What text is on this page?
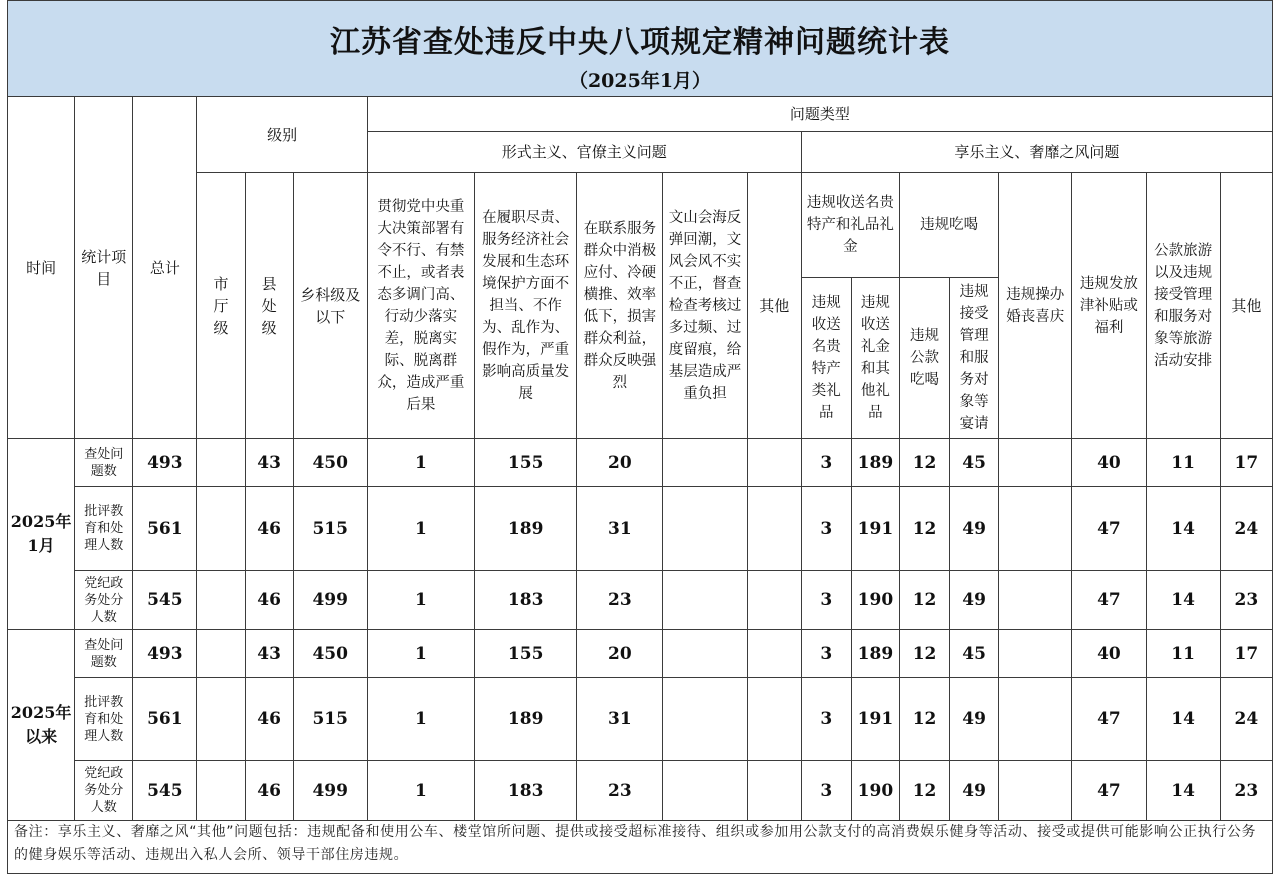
江苏省查处违反中央八项规定精神问题统计表
（2025年1月）
时间	统计项目	总计	级别			问题类型												
						形式主义、官僚主义问题					享乐主义、奢靡之风问题							
			市厅级	县处级	乡科级及以下	贯彻党中央重大决策部署有令不行、有禁不止，或者表态多调门高、行动少落实差，脱离实际、脱离群众，造成严重后果	在履职尽责、服务经济社会发展和生态环境保护方面不担当、不作为、乱作为、假作为，严重影响高质量发展	在联系服务群众中消极应付、冷硬横推、效率低下，损害群众利益，群众反映强烈	文山会海反弹回潮，文风会风不实不正，督查检查考核过多过频、过度留痕，给基层造成严重负担	其他	违规收送名贵特产和礼品礼金		违规吃喝		违规操办婚丧喜庆	违规发放津补贴或福利	公款旅游以及违规接受管理和服务对象等旅游活动安排	其他
											违规收送名贵特产类礼品	违规收送礼金和其他礼品	违规公款吃喝	违规接受管理和服务对象等宴请				
2025年1月	查处问题数	493		43	450	1	155	20			3	189	12	45		40	11	17
	批评教育和处理人数	561		46	515	1	189	31			3	191	12	49		47	14	24
	党纪政务处分人数	545		46	499	1	183	23			3	190	12	49		47	14	23
2025年以来	查处问题数	493		43	450	1	155	20			3	189	12	45		40	11	17
	批评教育和处理人数	561		46	515	1	189	31			3	191	12	49		47	14	24
	党纪政务处分人数	545		46	499	1	183	23			3	190	12	49		47	14	23
备注：享乐主义、奢靡之风“其他”问题包括：违规配备和使用公车、楼堂馆所问题、提供或接受超标准接待、组织或参加用公款支付的高消费娱乐健身等活动、接受或提供可能影响公正执行公务的健身娱乐等活动、违规出入私人会所、领导干部住房违规。
